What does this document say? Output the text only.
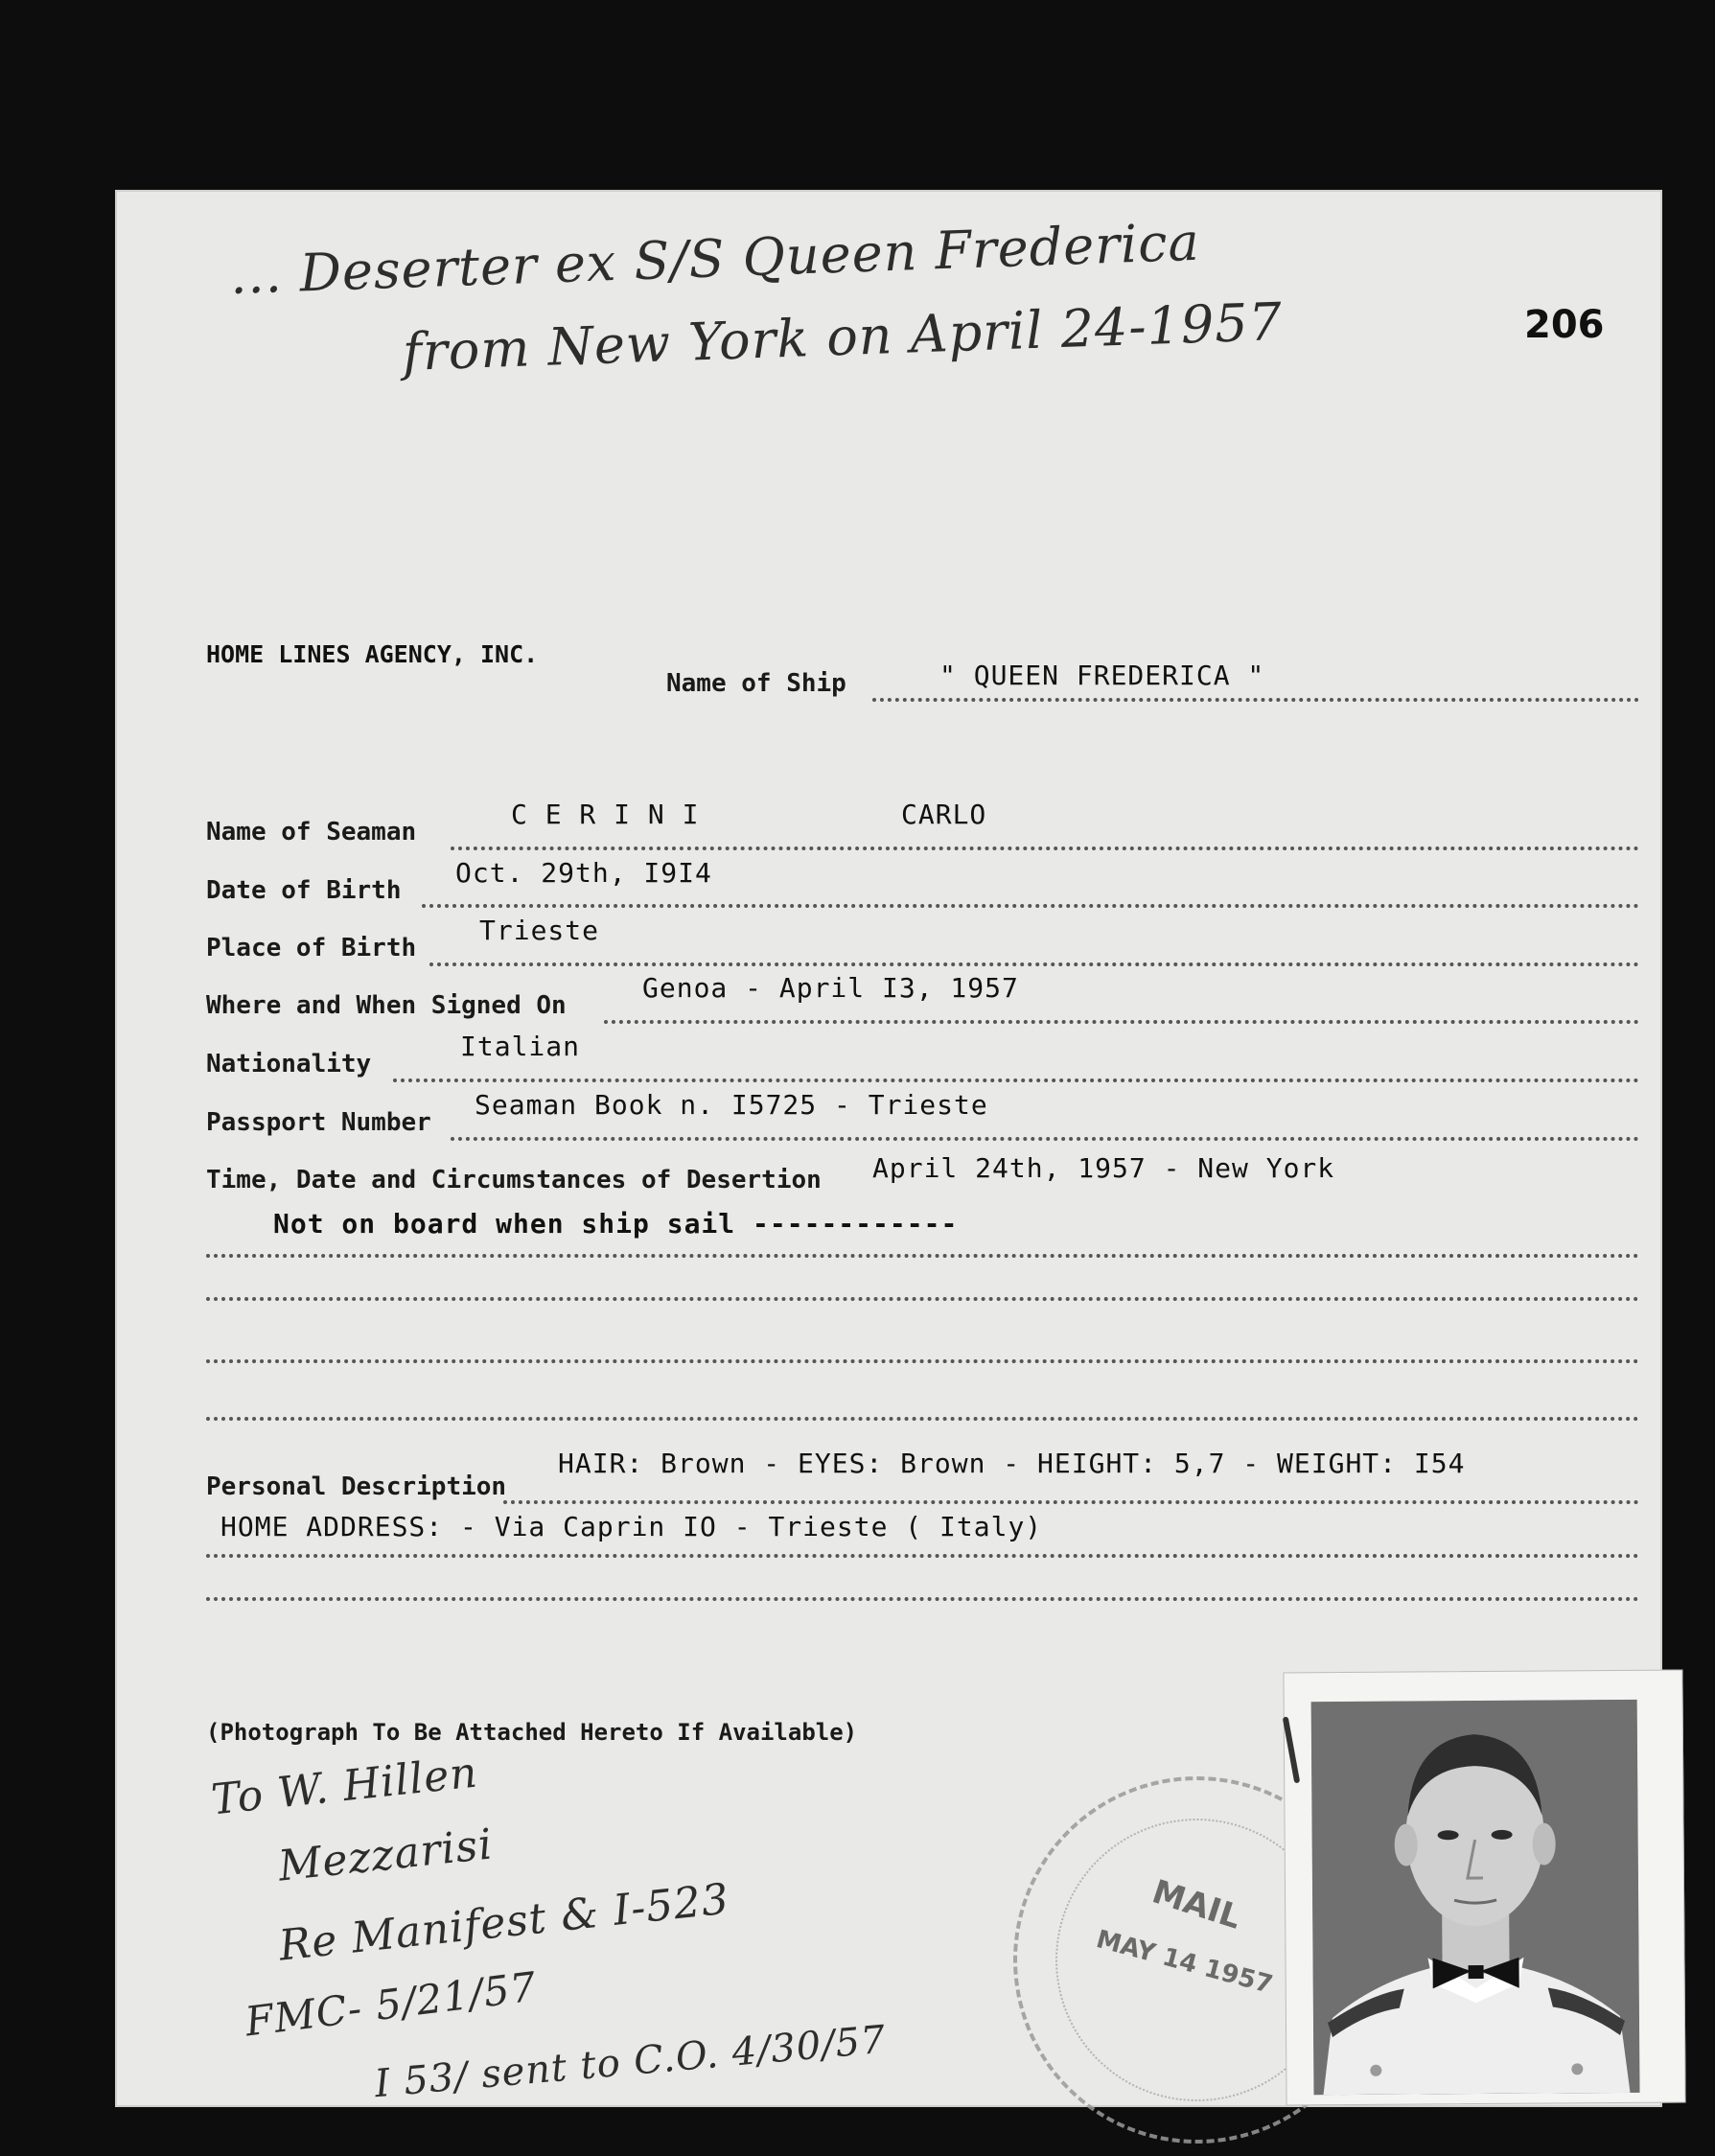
... Deserter ex S/S Queen Frederica
from New York on April 24-1957	206
HOME LINES AGENCY, INC.
Name of Ship	" QUEEN FREDERICA "
Name of Seaman
C E R I N I	CARLO
Date of Birth
Oct. 29th, I9I4
Place of Birth
Trieste
Where and When Signed On
Genoa - April I3, 1957
Nationality
Italian
Passport Number
Seaman Book n. I5725 - Trieste
Time, Date and Circumstances of Desertion April 24th, 1957 - New York
Not on board when ship sail ------------
Personal Description
HAIR: Brown - EYES: Brown - HEIGHT: 5,7 - WEIGHT: I54
HOME ADDRESS: - Via Caprin IO - Trieste ( Italy)
(Photograph To Be Attached Hereto If Available)
To W. Hillen
Mezzarisi
Re Manifest & I-523
FMC- 5/21/57
I 53/ sent to C.O. 4/30/57
MAIL
MAY 14 1957
